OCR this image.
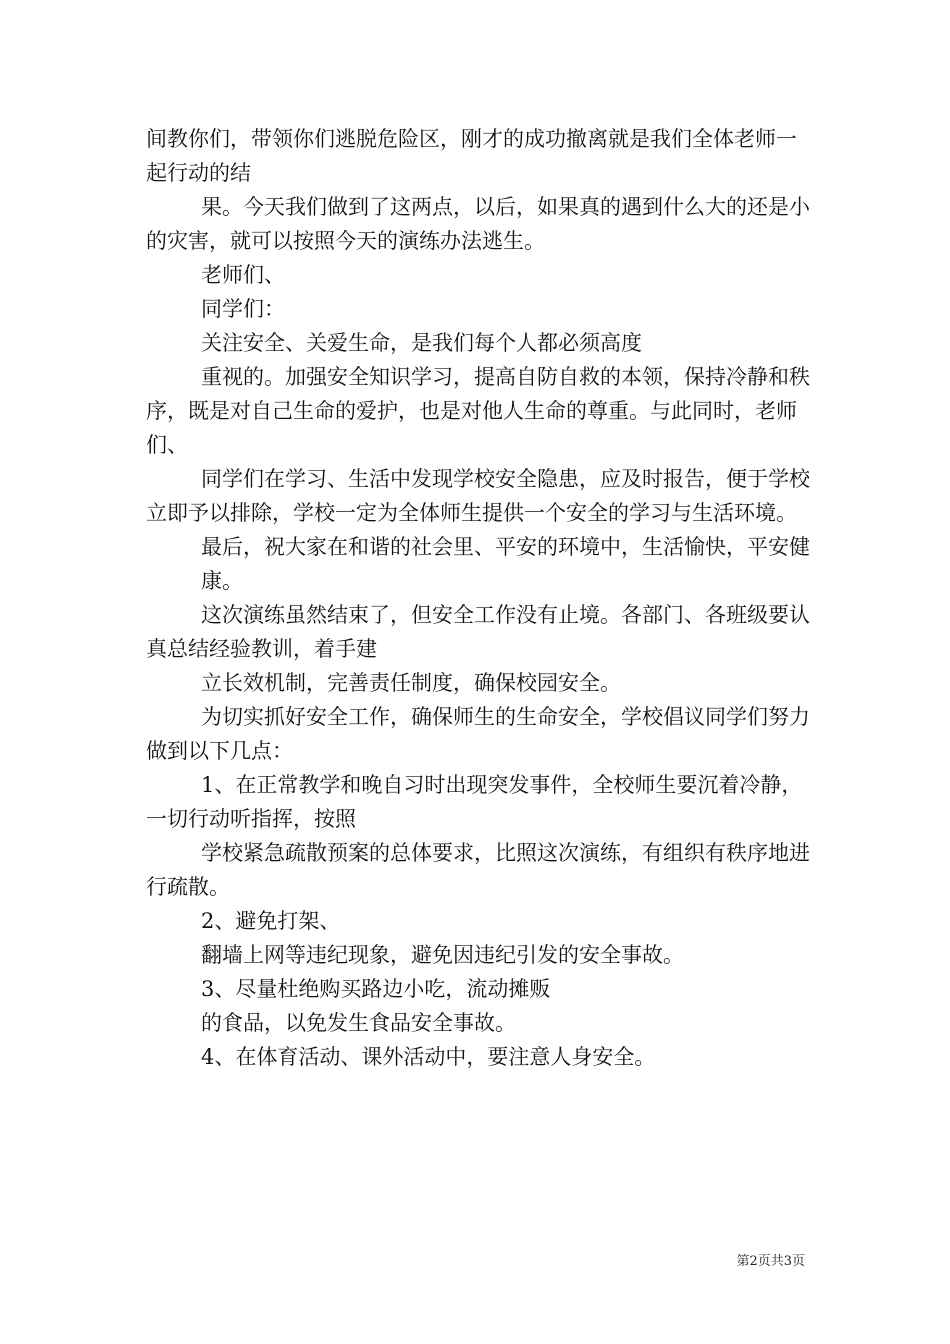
间教你们，带领你们逃脱危险区，刚才的成功撤离就是我们全体老师一起行动的结

果。今天我们做到了这两点，以后，如果真的遇到什么大的还是小的灾害，就可以按照今天的演练办法逃生。

老师们、

同学们：

关注安全、关爱生命，是我们每个人都必须高度

重视的。加强安全知识学习，提高自防自救的本领，保持冷静和秩序，既是对自己生命的爱护，也是对他人生命的尊重。与此同时，老师们、

同学们在学习、生活中发现学校安全隐患，应及时报告，便于学校立即予以排除，学校一定为全体师生提供一个安全的学习与生活环境。

最后，祝大家在和谐的社会里、平安的环境中，生活愉快，平安健

康。

这次演练虽然结束了，但安全工作没有止境。各部门、各班级要认真总结经验教训，着手建

立长效机制，完善责任制度，确保校园安全。

为切实抓好安全工作，确保师生的生命安全，学校倡议同学们努力做到以下几点：

1、在正常教学和晚自习时出现突发事件，全校师生要沉着冷静，一切行动听指挥，按照

学校紧急疏散预案的总体要求，比照这次演练，有组织有秩序地进行疏散。

2、避免打架、

翻墙上网等违纪现象，避免因违纪引发的安全事故。

3、尽量杜绝购买路边小吃，流动摊贩

的食品，以免发生食品安全事故。

4、在体育活动、课外活动中，要注意人身安全。

第2页共3页
